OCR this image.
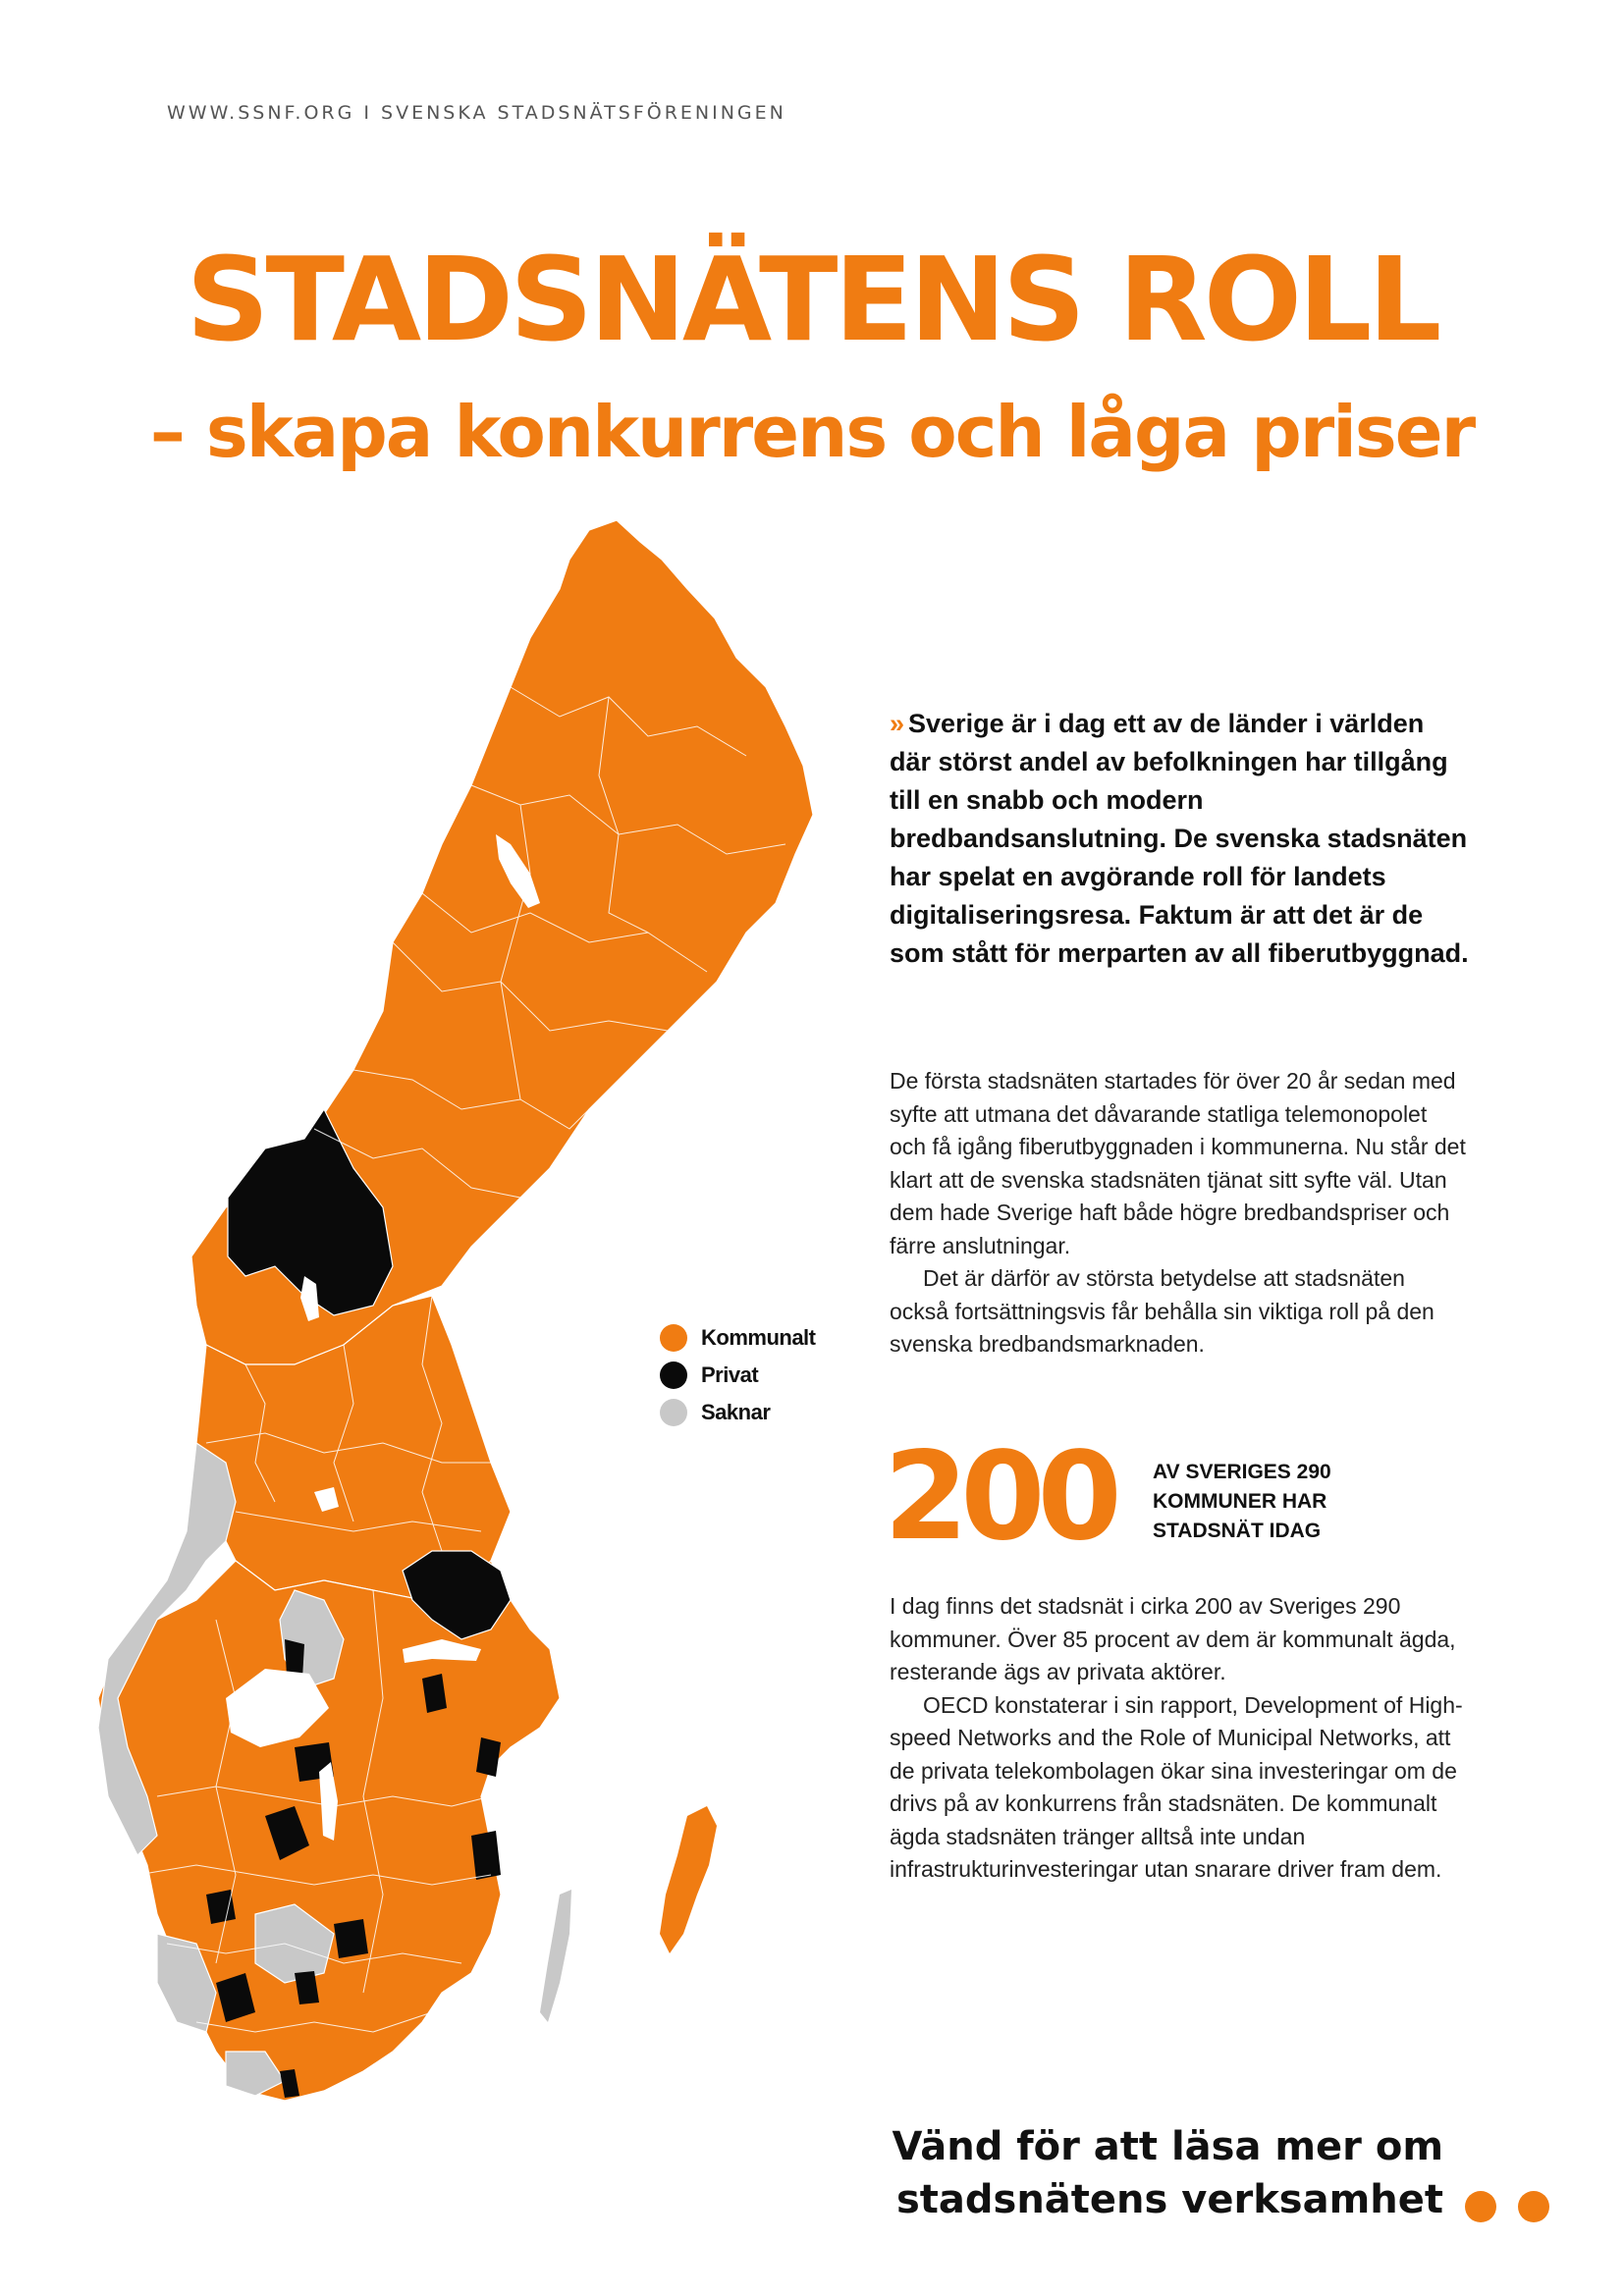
WWW.SSNF.ORG I SVENSKA STADSNÄTSFÖRENINGEN
STADSNÄTENS ROLL
– skapa konkurrens och låga priser
Kommunalt
Privat
Saknar
» Sverige är i dag ett av de länder i världen där störst andel av befolkningen har tillgång till en snabb och modern bredbandsanslutning. De svenska stadsnäten har spelat en avgörande roll för landets digitaliseringsresa. Faktum är att det är de som stått för merparten av all fiberutbyggnad.

De första stadsnäten startades för över 20 år sedan med syfte att utmana det dåvarande statliga telemonopolet och få igång fiberutbyggnaden i kommunerna. Nu står det klart att de svenska stadsnäten tjänat sitt syfte väl. Utan dem hade Sverige haft både högre bredbandspriser och färre anslutningar.

Det är därför av största betydelse att stadsnäten också fortsättningsvis får behålla sin viktiga roll på den svenska bredbandsmarknaden.

200 AV SVERIGES 290 KOMMUNER HAR STADSNÄT IDAG

I dag finns det stadsnät i cirka 200 av Sveriges 290 kommuner. Över 85 procent av dem är kommunalt ägda, resterande ägs av privata aktörer.

OECD konstaterar i sin rapport, Development of High-speed Networks and the Role of Municipal Networks, att de privata telekombolagen ökar sina investeringar om de drivs på av konkurrens från stadsnäten. De kommunalt ägda stadsnäten tränger alltså inte undan infrastrukturinvesteringar utan snarare driver fram dem.

Vänd för att läsa mer om
stadsnätens verksamhet
